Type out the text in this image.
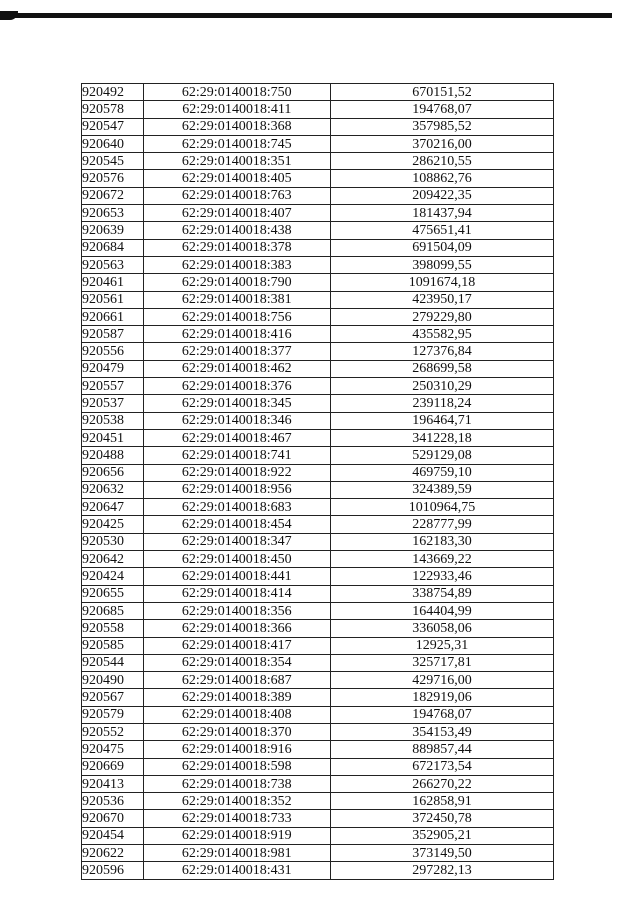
920492	62:29:0140018:750	670151,52
920578	62:29:0140018:411	194768,07
920547	62:29:0140018:368	357985,52
920640	62:29:0140018:745	370216,00
920545	62:29:0140018:351	286210,55
920576	62:29:0140018:405	108862,76
920672	62:29:0140018:763	209422,35
920653	62:29:0140018:407	181437,94
920639	62:29:0140018:438	475651,41
920684	62:29:0140018:378	691504,09
920563	62:29:0140018:383	398099,55
920461	62:29:0140018:790	1091674,18
920561	62:29:0140018:381	423950,17
920661	62:29:0140018:756	279229,80
920587	62:29:0140018:416	435582,95
920556	62:29:0140018:377	127376,84
920479	62:29:0140018:462	268699,58
920557	62:29:0140018:376	250310,29
920537	62:29:0140018:345	239118,24
920538	62:29:0140018:346	196464,71
920451	62:29:0140018:467	341228,18
920488	62:29:0140018:741	529129,08
920656	62:29:0140018:922	469759,10
920632	62:29:0140018:956	324389,59
920647	62:29:0140018:683	1010964,75
920425	62:29:0140018:454	228777,99
920530	62:29:0140018:347	162183,30
920642	62:29:0140018:450	143669,22
920424	62:29:0140018:441	122933,46
920655	62:29:0140018:414	338754,89
920685	62:29:0140018:356	164404,99
920558	62:29:0140018:366	336058,06
920585	62:29:0140018:417	12925,31
920544	62:29:0140018:354	325717,81
920490	62:29:0140018:687	429716,00
920567	62:29:0140018:389	182919,06
920579	62:29:0140018:408	194768,07
920552	62:29:0140018:370	354153,49
920475	62:29:0140018:916	889857,44
920669	62:29:0140018:598	672173,54
920413	62:29:0140018:738	266270,22
920536	62:29:0140018:352	162858,91
920670	62:29:0140018:733	372450,78
920454	62:29:0140018:919	352905,21
920622	62:29:0140018:981	373149,50
920596	62:29:0140018:431	297282,13
